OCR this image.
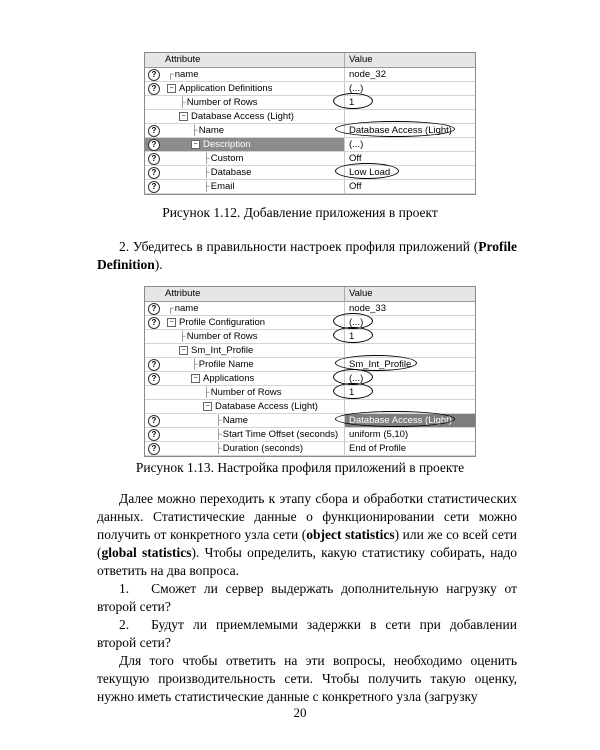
Attribute	Value
?	┌name	node_32
?	− Application Definitions	(...)
├Number of Rows	1
− Database Access (Light)
?	├Name	Database Access (Light)
?	− Description	(...)
?	├Custom	Off
?	├Database	Low Load
?	├Email	Off
Рисунок 1.12. Добавление приложения в проект
2. Убедитесь в правильности настроек профиля приложений (Profile Definition).
Attribute	Value
?	┌name	node_33
?	− Profile Configuration	(...)
├Number of Rows	1
− Sm_Int_Profile
?	├Profile Name	Sm_Int_Profile
?	− Applications	(...)
├Number of Rows	1
− Database Access (Light)
?	├Name	Database Access (Light)
?	├Start Time Offset (seconds)	uniform (5,10)
?	├Duration (seconds)	End of Profile
Рисунок 1.13. Настройка профиля приложений в проекте
Далее можно переходить к этапу сбора и обработки статистических данных. Статистические данные о функционировании сети можно получить от конкретного узла сети (object statistics) или же со всей сети (global statistics). Чтобы определить, какую статистику собирать, надо ответить на два вопроса.
1. Сможет ли сервер выдержать дополнительную нагрузку от второй сети?
2. Будут ли приемлемыми задержки в сети при добавлении второй сети?
Для того чтобы ответить на эти вопросы, необходимо оценить текущую производительность сети. Чтобы получить такую оценку, нужно иметь статистические данные с конкретного узла (загрузку
20
